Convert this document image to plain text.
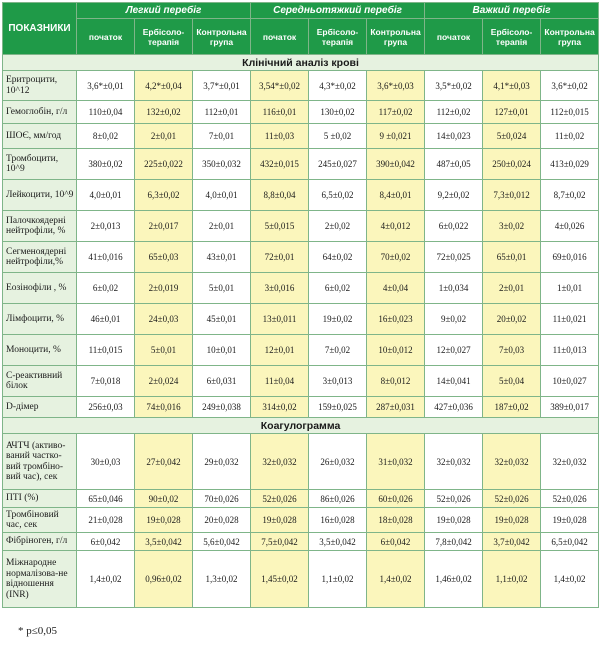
ПОКАЗНИКИ	Легкий перебіг			Середньотяжкий перебіг			Важкий перебіг		
	початок	Ербісоло-терапія	Контрольна група	початок	Ербісоло-терапія	Контрольна група	початок	Ербісоло-терапія	Контрольна група
Клінічний аналіз крові									
Еритроцити, 10^12	3,6*±0,01	4,2*±0,04	3,7*±0,01	3,54*±0,02	4,3*±0,02	3,6*±0,03	3,5*±0,02	4,1*±0,03	3,6*±0,02
Гемоглобін, г/л	110±0,04	132±0,02	112±0,01	116±0,01	130±0,02	117±0,02	112±0,02	127±0,01	112±0,015
ШОЄ, мм/год	8±0,02	2±0,01	7±0,01	11±0,03	5 ±0,02	9 ±0,021	14±0,023	5±0,024	11±0,02
Тромбоцити, 10^9	380±0,02	225±0,022	350±0,032	432±0,015	245±0,027	390±0,042	487±0,05	250±0,024	413±0,029
Лейкоцити, 10^9	4,0±0,01	6,3±0,02	4,0±0,01	8,8±0,04	6,5±0,02	8,4±0,01	9,2±0,02	7,3±0,012	8,7±0,02
Палочкоядерні нейтрофіли, %	2±0,013	2±0,017	2±0,01	5±0,015	2±0,02	4±0,012	6±0,022	3±0,02	4±0,026
Сегменоядерні нейтрофіли,%	41±0,016	65±0,03	43±0,01	72±0,01	64±0,02	70±0,02	72±0,025	65±0,01	69±0,016
Еозінофіли , %	6±0,02	2±0,019	5±0,01	3±0,016	6±0,02	4±0,04	1±0,034	2±0,01	1±0,01
Лімфоцити, %	46±0,01	24±0,03	45±0,01	13±0,011	19±0,02	16±0,023	9±0,02	20±0,02	11±0,021
Моноцити, %	11±0,015	5±0,01	10±0,01	12±0,01	7±0,02	10±0,012	12±0,027	7±0,03	11±0,013
С-реактивний білок	7±0,018	2±0,024	6±0,031	11±0,04	3±0,013	8±0,012	14±0,041	5±0,04	10±0,027
D-дімер	256±0,03	74±0,016	249±0,038	314±0,02	159±0,025	287±0,031	427±0,036	187±0,02	389±0,017
Коагулограмма									
АЧТЧ (активо-ваний частко-вий тромбіно-вий час), сек	30±0,03	27±0,042	29±0,032	32±0,032	26±0,032	31±0,032	32±0,032	32±0,032	32±0,032
ПТІ (%)	65±0,046	90±0,02	70±0,026	52±0,026	86±0,026	60±0,026	52±0,026	52±0,026	52±0,026
Тромбіновий час, сек	21±0,028	19±0,028	20±0,028	19±0,028	16±0,028	18±0,028	19±0,028	19±0,028	19±0,028
Фібріноген, г/л	6±0,042	3,5±0,042	5,6±0,042	7,5±0,042	3,5±0,042	6±0,042	7,8±0,042	3,7±0,042	6,5±0,042
Міжнародне нормалізова-не відношення (INR)	1,4±0,02	0,96±0,02	1,3±0,02	1,45±0,02	1,1±0,02	1,4±0,02	1,46±0,02	1,1±0,02	1,4±0,02
* p≤0,05
